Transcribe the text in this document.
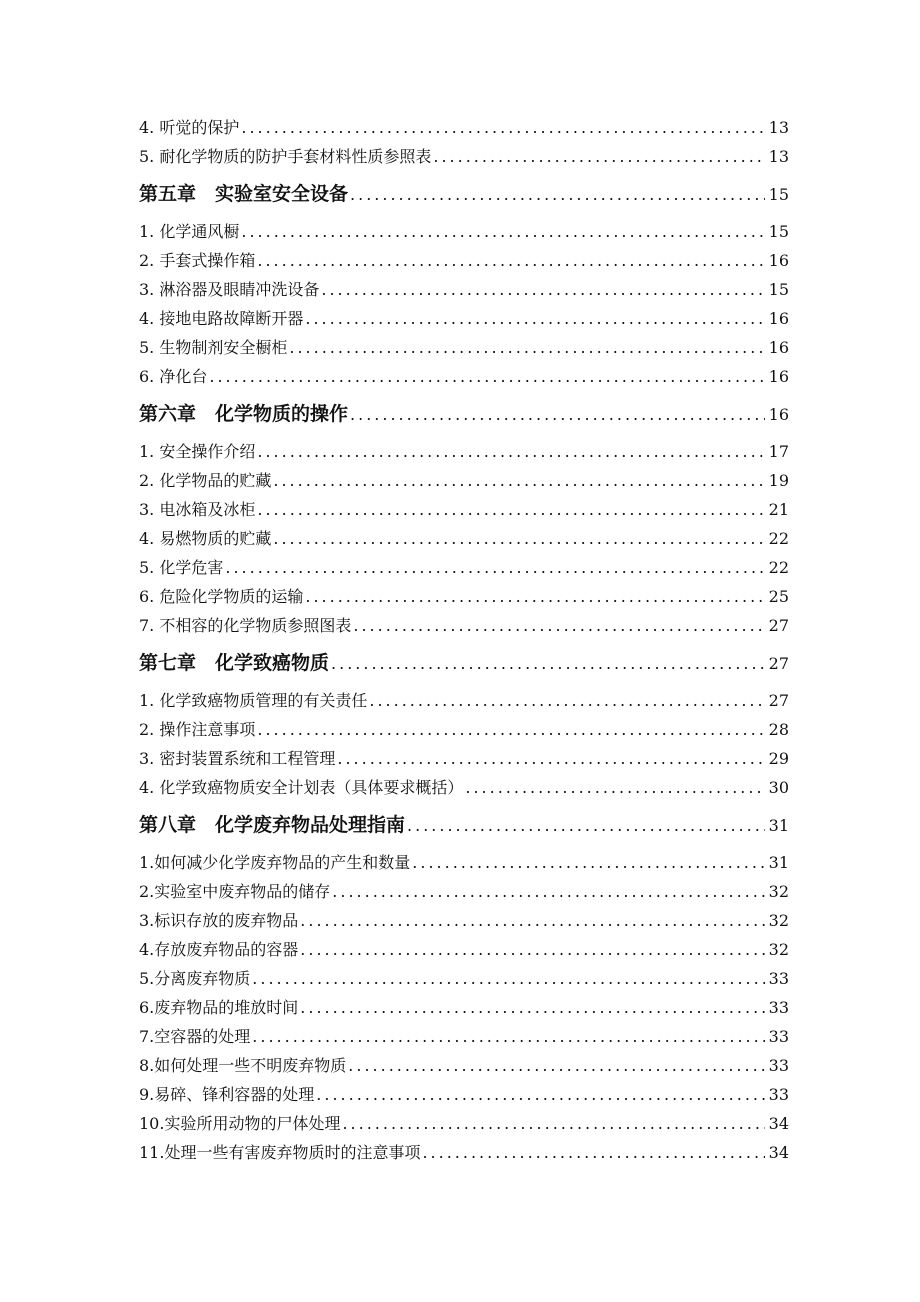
4. 听觉的保护 .....	13
5. 耐化学物质的防护手套材料性质参照表 .....	13
第五章　实验室安全设备 .....	15
1. 化学通风橱 .....	15
2. 手套式操作箱 .....	16
3. 淋浴器及眼睛冲洗设备 .....	15
4. 接地电路故障断开器 .....	16
5. 生物制剂安全橱柜 .....	16
6. 净化台 .....	16
第六章　化学物质的操作 .....	16
1. 安全操作介绍 .....	17
2. 化学物品的贮藏 .....	19
3. 电冰箱及冰柜 .....	21
4. 易燃物质的贮藏 .....	22
5. 化学危害 .....	22
6. 危险化学物质的运输 .....	25
7. 不相容的化学物质参照图表 .....	27
第七章　化学致癌物质 .....	27
1. 化学致癌物质管理的有关责任 .....	27
2. 操作注意事项 .....	28
3. 密封装置系统和工程管理 .....	29
4. 化学致癌物质安全计划表（具体要求概括） .....	30
第八章　化学废弃物品处理指南 .....	31
1.如何减少化学废弃物品的产生和数量 .....	31
2.实验室中废弃物品的储存 .....	32
3.标识存放的废弃物品 .....	32
4.存放废弃物品的容器 .....	32
5.分离废弃物质 .....	33
6.废弃物品的堆放时间 .....	33
7.空容器的处理 .....	33
8.如何处理一些不明废弃物质 .....	33
9.易碎、锋利容器的处理 .....	33
10.实验所用动物的尸体处理 .....	34
11.处理一些有害废弃物质时的注意事项 .....	34
